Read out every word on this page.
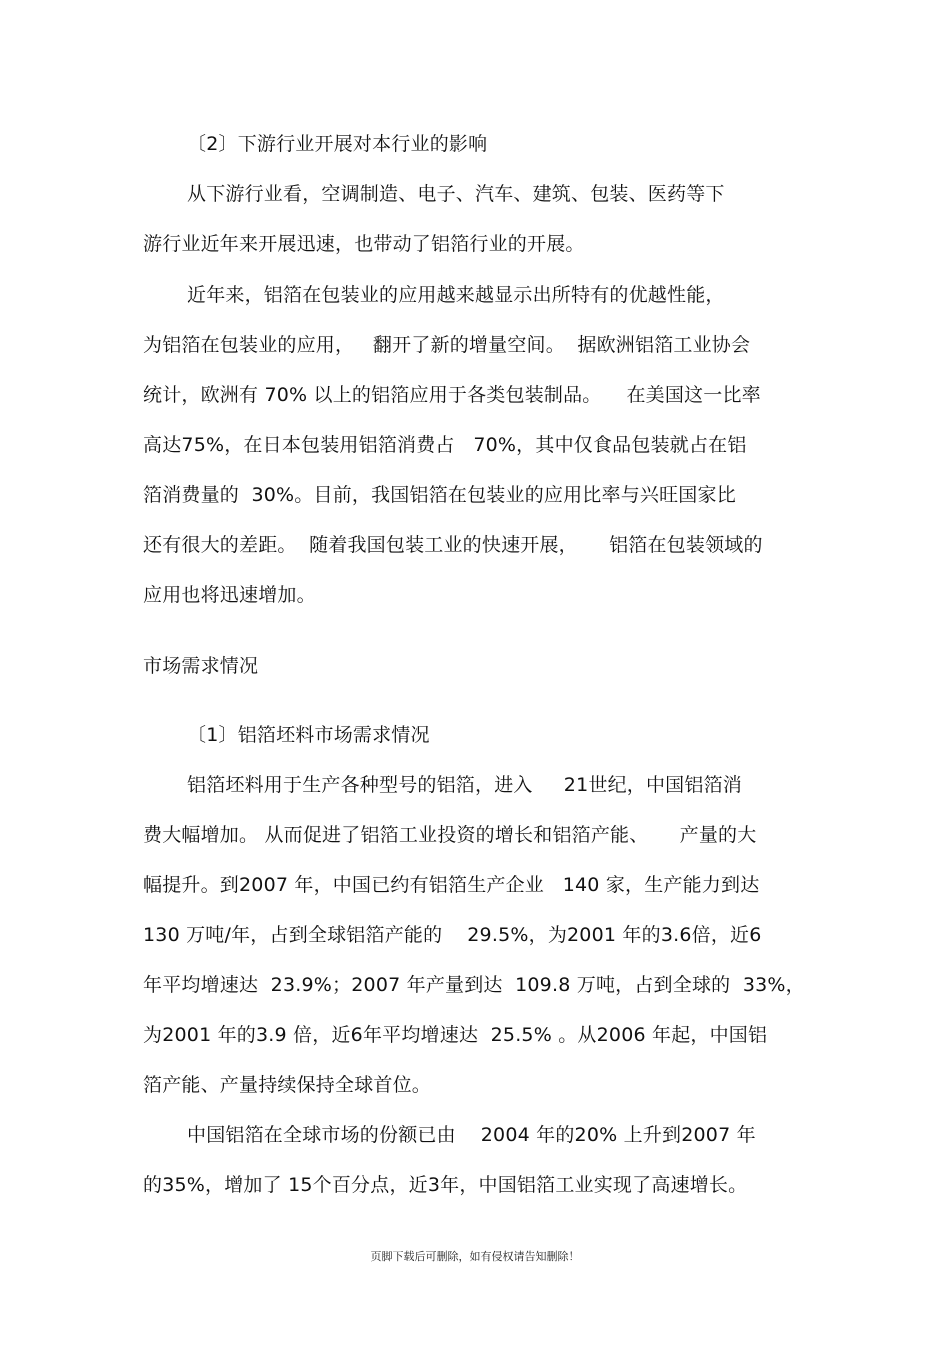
〔2〕下游行业开展对本行业的影响
从下游行业看，空调制造、电子、汽车、建筑、包装、医药等下
游行业近年来开展迅速，也带动了铝箔行业的开展。
近年来，铝箔在包装业的应用越来越显示出所特有的优越性能，
为铝箔在包装业的应用，   翻开了新的增量空间。  据欧洲铝箔工业协会
统计，欧洲有 70% 以上的铝箔应用于各类包装制品。    在美国这一比率
高达75%，在日本包装用铝箔消费占   70%，其中仅食品包装就占在铝
箔消费量的  30%。目前，我国铝箔在包装业的应用比率与兴旺国家比
还有很大的差距。  随着我国包装工业的快速开展，     铝箔在包装领域的
应用也将迅速增加。
市场需求情况
〔1〕铝箔坯料市场需求情况
铝箔坯料用于生产各种型号的铝箔，进入     21世纪，中国铝箔消
费大幅增加。 从而促进了铝箔工业投资的增长和铝箔产能、     产量的大
幅提升。到2007 年，中国已约有铝箔生产企业   140 家，生产能力到达
130 万吨/年，占到全球铝箔产能的    29.5%，为2001 年的3.6倍，近6
年平均增速达  23.9%；2007 年产量到达  109.8 万吨，占到全球的  33%，
为2001 年的3.9 倍，近6年平均增速达  25.5% 。从2006 年起，中国铝
箔产能、产量持续保持全球首位。
中国铝箔在全球市场的份额已由    2004 年的20% 上升到2007 年
的35%，增加了 15个百分点，近3年，中国铝箔工业实现了高速增长。
页脚下载后可删除，如有侵权请告知删除！
